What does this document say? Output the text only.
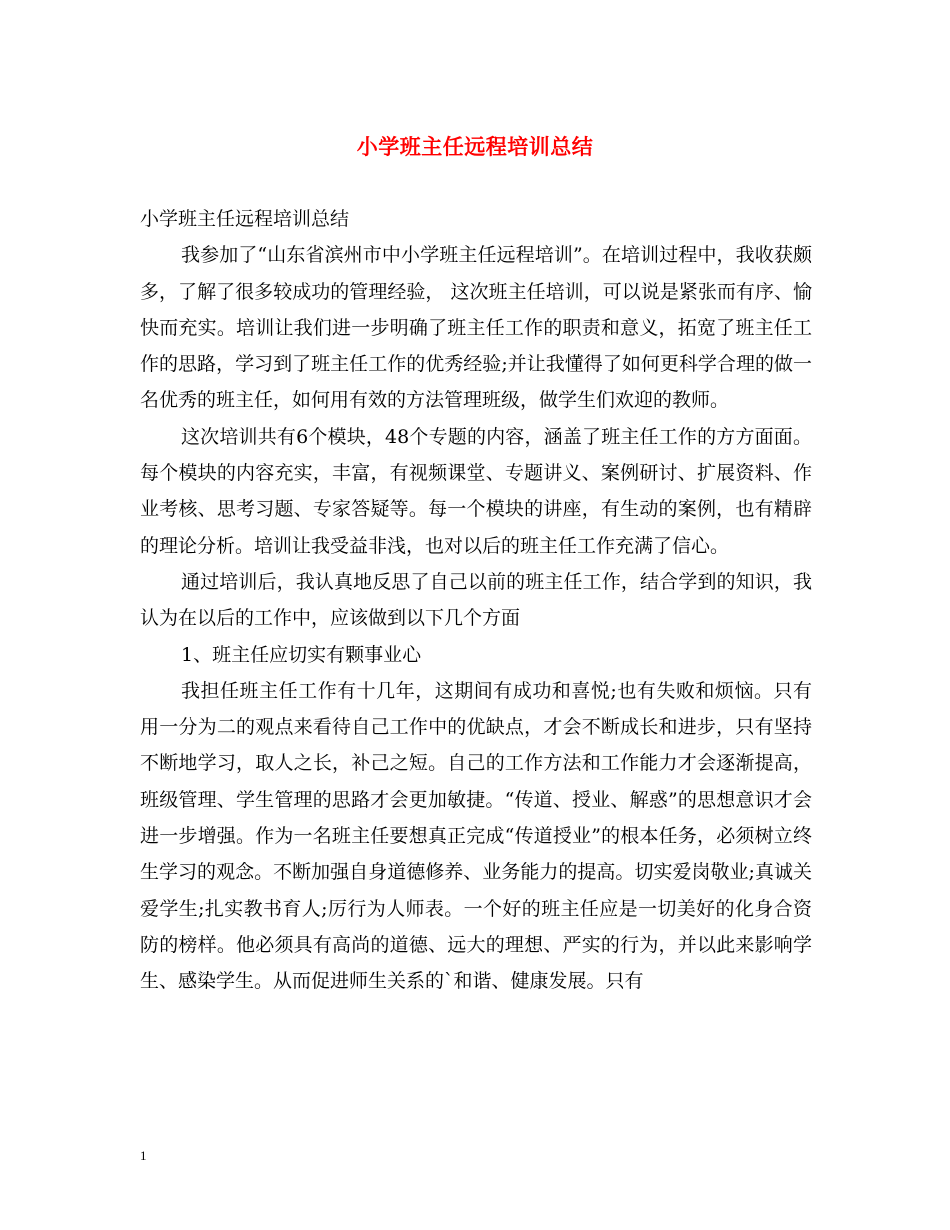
小学班主任远程培训总结

小学班主任远程培训总结

我参加了“山东省滨州市中小学班主任远程培训”。在培训过程中，我收获颇多，了解了很多较成功的管理经验， 这次班主任培训，可以说是紧张而有序、愉快而充实。培训让我们进一步明确了班主任工作的职责和意义，拓宽了班主任工作的思路，学习到了班主任工作的优秀经验;并让我懂得了如何更科学合理的做一名优秀的班主任，如何用有效的方法管理班级，做学生们欢迎的教师。

这次培训共有6个模块，48个专题的内容，涵盖了班主任工作的方方面面。每个模块的内容充实，丰富，有视频课堂、专题讲义、案例研讨、扩展资料、作业考核、思考习题、专家答疑等。每一个模块的讲座，有生动的案例，也有精辟的理论分析。培训让我受益非浅，也对以后的班主任工作充满了信心。

通过培训后，我认真地反思了自己以前的班主任工作，结合学到的知识，我认为在以后的工作中，应该做到以下几个方面

1、班主任应切实有颗事业心

我担任班主任工作有十几年，这期间有成功和喜悦;也有失败和烦恼。只有用一分为二的观点来看待自己工作中的优缺点，才会不断成长和进步，只有坚持不断地学习，取人之长，补己之短。自己的工作方法和工作能力才会逐渐提高，班级管理、学生管理的思路才会更加敏捷。“传道、授业、解惑”的思想意识才会进一步增强。作为一名班主任要想真正完成“传道授业”的根本任务，必须树立终生学习的观念。不断加强自身道德修养、业务能力的提高。切实爱岗敬业;真诚关爱学生;扎实教书育人;厉行为人师表。一个好的班主任应是一切美好的化身合资防的榜样。他必须具有高尚的道德、远大的理想、严实的行为，并以此来影响学生、感染学生。从而促进师生关系的`和谐、健康发展。只有

1
